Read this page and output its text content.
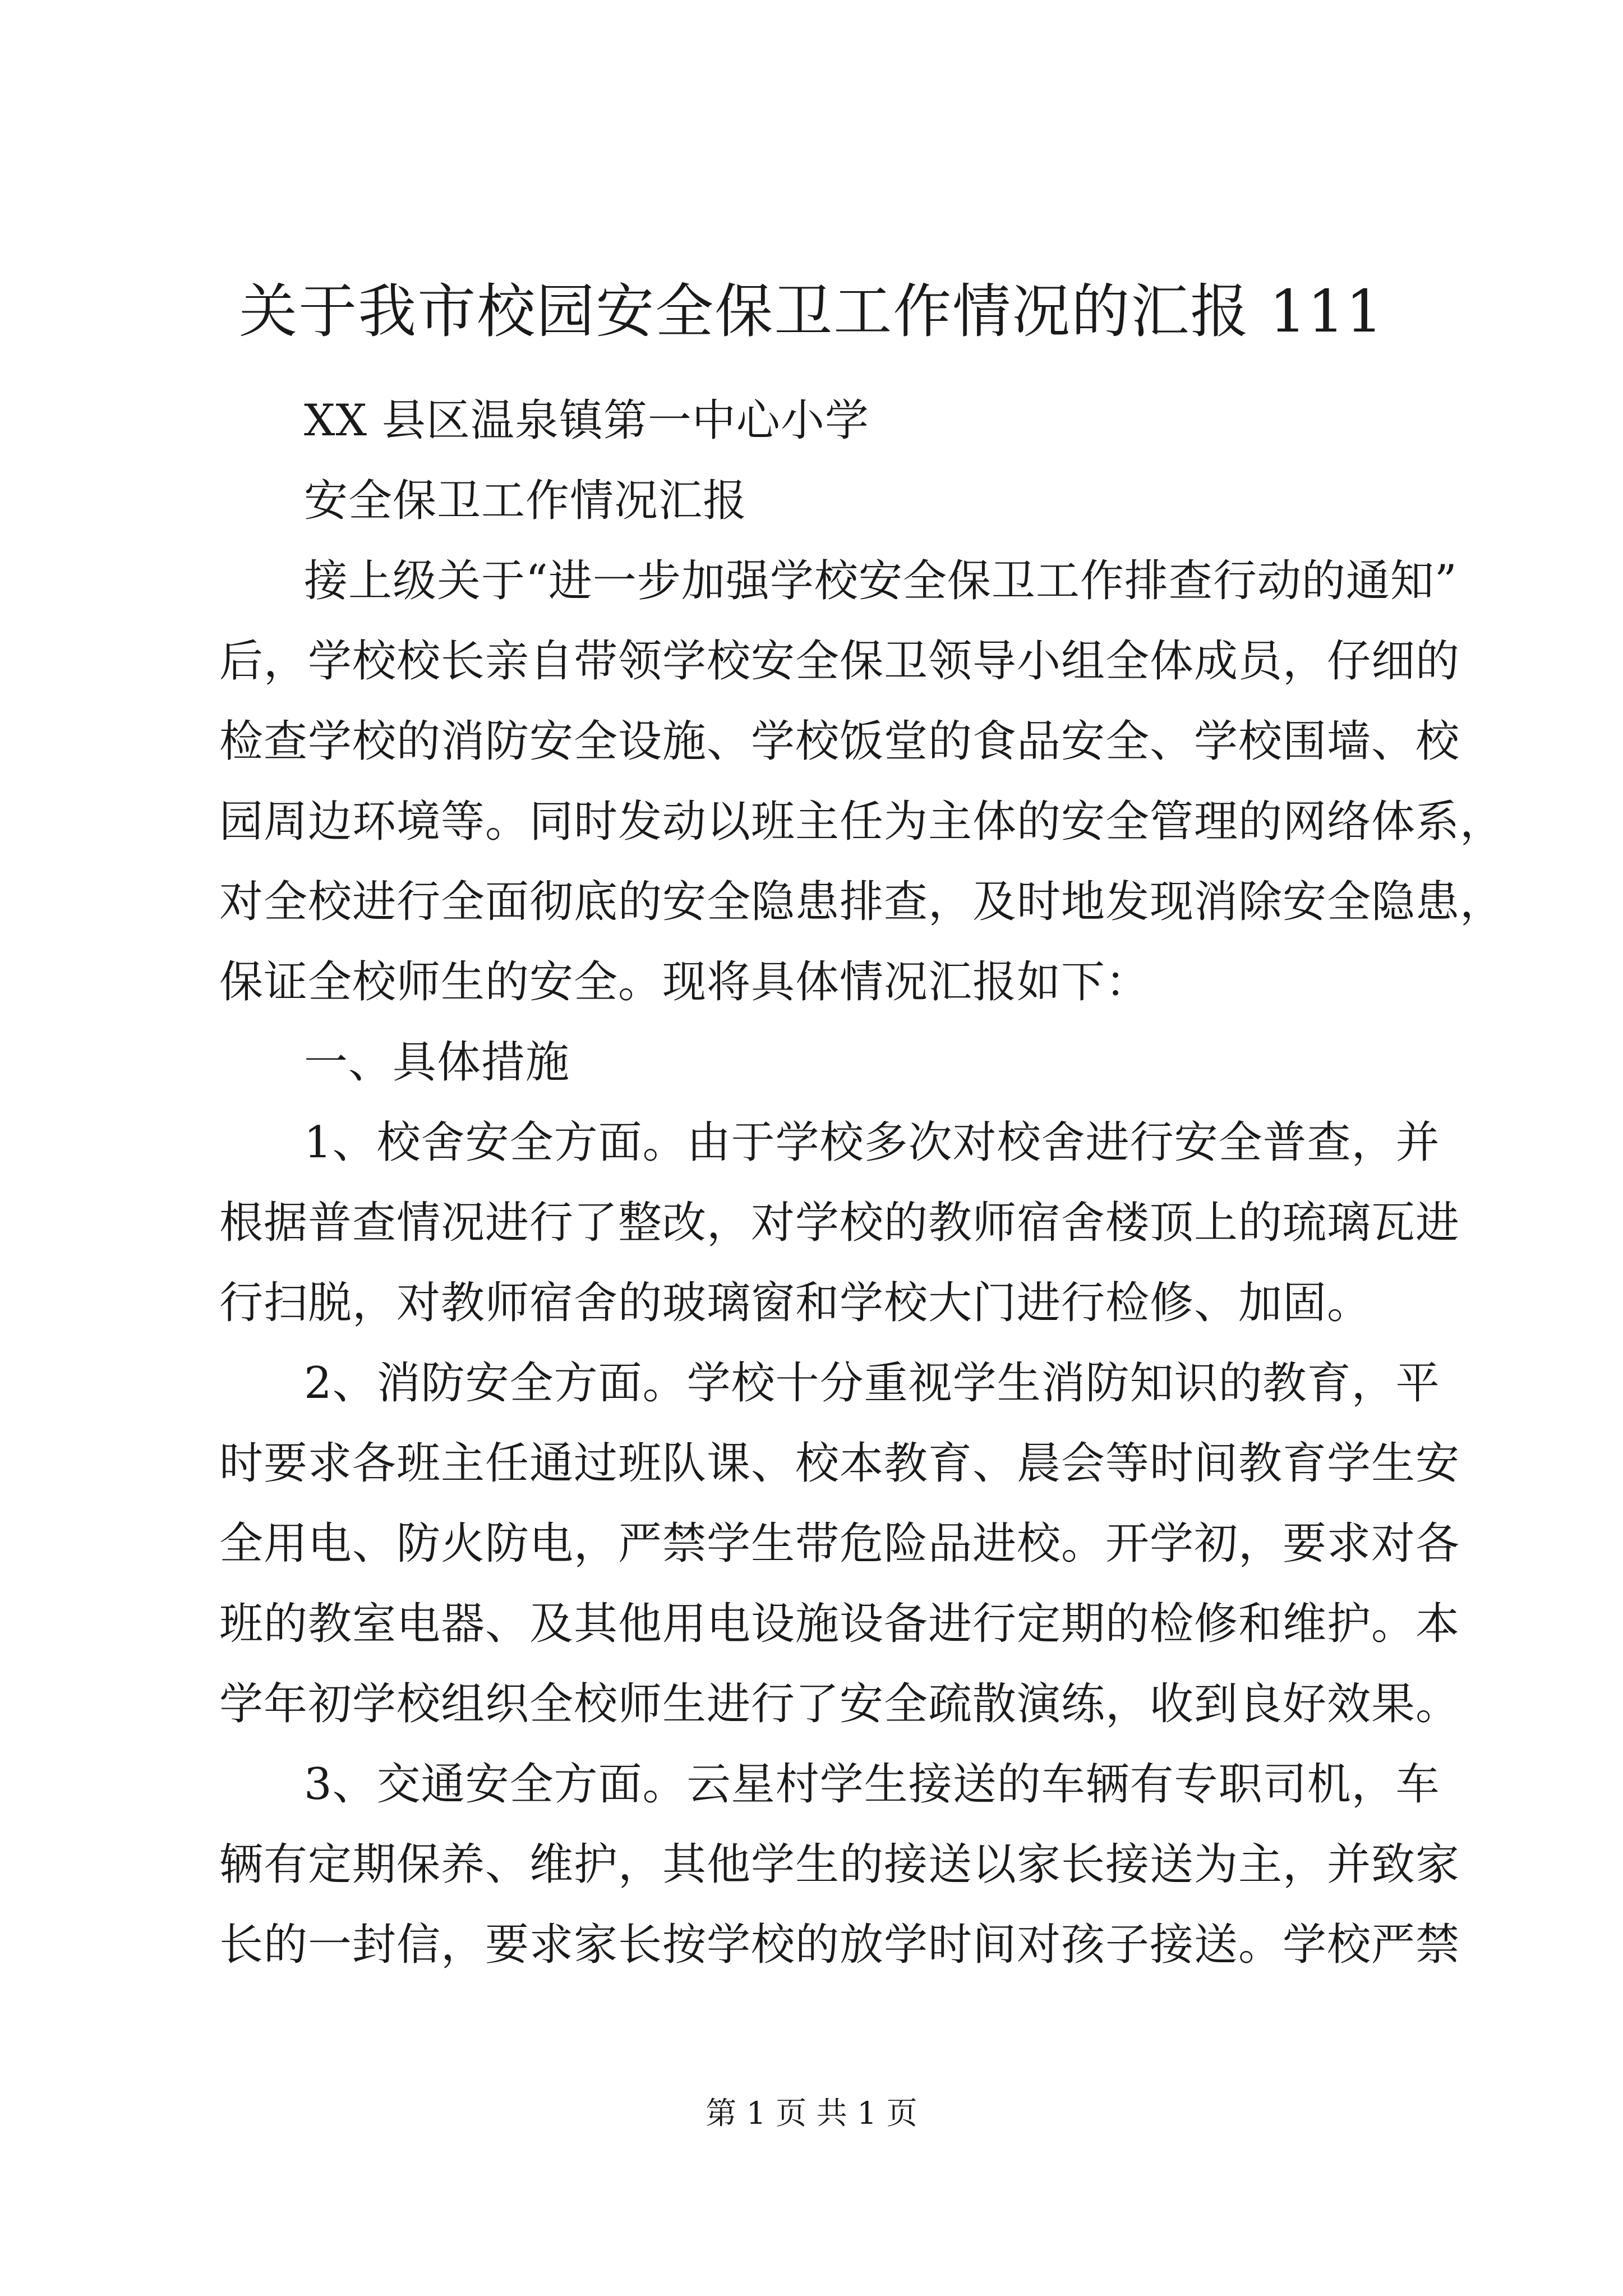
关于我市校园安全保卫工作情况的汇报 111
XX 县区温泉镇第一中心小学
安全保卫工作情况汇报
接上级关于“进一步加强学校安全保卫工作排查行动的通知”
后，学校校长亲自带领学校安全保卫领导小组全体成员，仔细的
检查学校的消防安全设施、学校饭堂的食品安全、学校围墙、校
园周边环境等。同时发动以班主任为主体的安全管理的网络体系，
对全校进行全面彻底的安全隐患排查，及时地发现消除安全隐患，
保证全校师生的安全。现将具体情况汇报如下：
一、具体措施
1、校舍安全方面。由于学校多次对校舍进行安全普查，并
根据普查情况进行了整改，对学校的教师宿舍楼顶上的琉璃瓦进
行扫脱，对教师宿舍的玻璃窗和学校大门进行检修、加固。
2、消防安全方面。学校十分重视学生消防知识的教育，平
时要求各班主任通过班队课、校本教育、晨会等时间教育学生安
全用电、防火防电，严禁学生带危险品进校。开学初，要求对各
班的教室电器、及其他用电设施设备进行定期的检修和维护。本
学年初学校组织全校师生进行了安全疏散演练，收到良好效果。
3、交通安全方面。云星村学生接送的车辆有专职司机，车
辆有定期保养、维护，其他学生的接送以家长接送为主，并致家
长的一封信，要求家长按学校的放学时间对孩子接送。学校严禁
第 1 页 共 1 页
